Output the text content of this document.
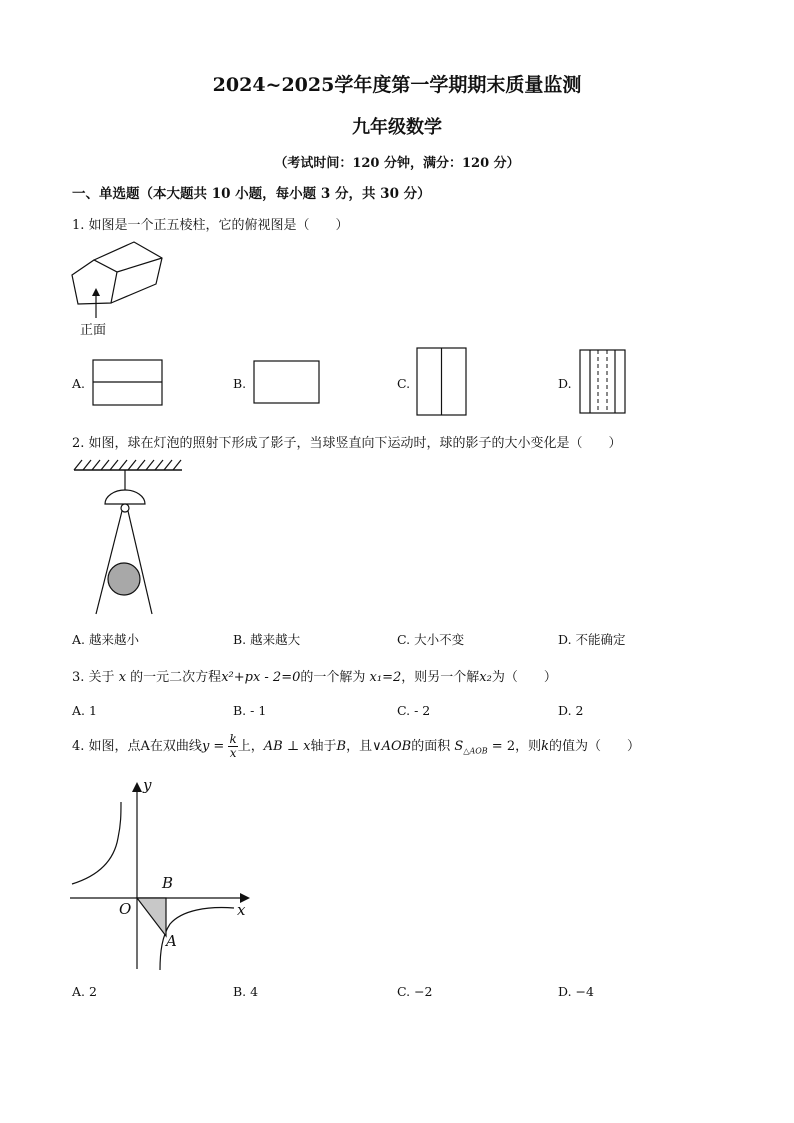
2024~2025学年度第一学期期末质量监测
九年级数学
（考试时间：120 分钟，满分：120 分）
一、单选题（本大题共 10 小题，每小题 3 分，共 30 分）
1. 如图是一个正五棱柱，它的俯视图是（　　）
正面
A.	B.	C.	D.
2. 如图，球在灯泡的照射下形成了影子，当球竖直向下运动时，球的影子的大小变化是（　　）
A. 越来越小	B. 越来越大	C. 大小不变	D. 不能确定
3. 关于 x 的一元二次方程x²+px - 2=0的一个解为 x₁=2，则另一个解x₂为（　　）
A. 1	B. - 1	C. - 2	D. 2
4. 如图，点A在双曲线$y = \frac{k}{x}$ 上，AB ⊥ x轴于B，且∨AOB的面积 $S_{\triangle AOB} = 2$，则k的值为（　　）
y
x
O
B
A
A. 2	B. 4	C. −2	D. −4
